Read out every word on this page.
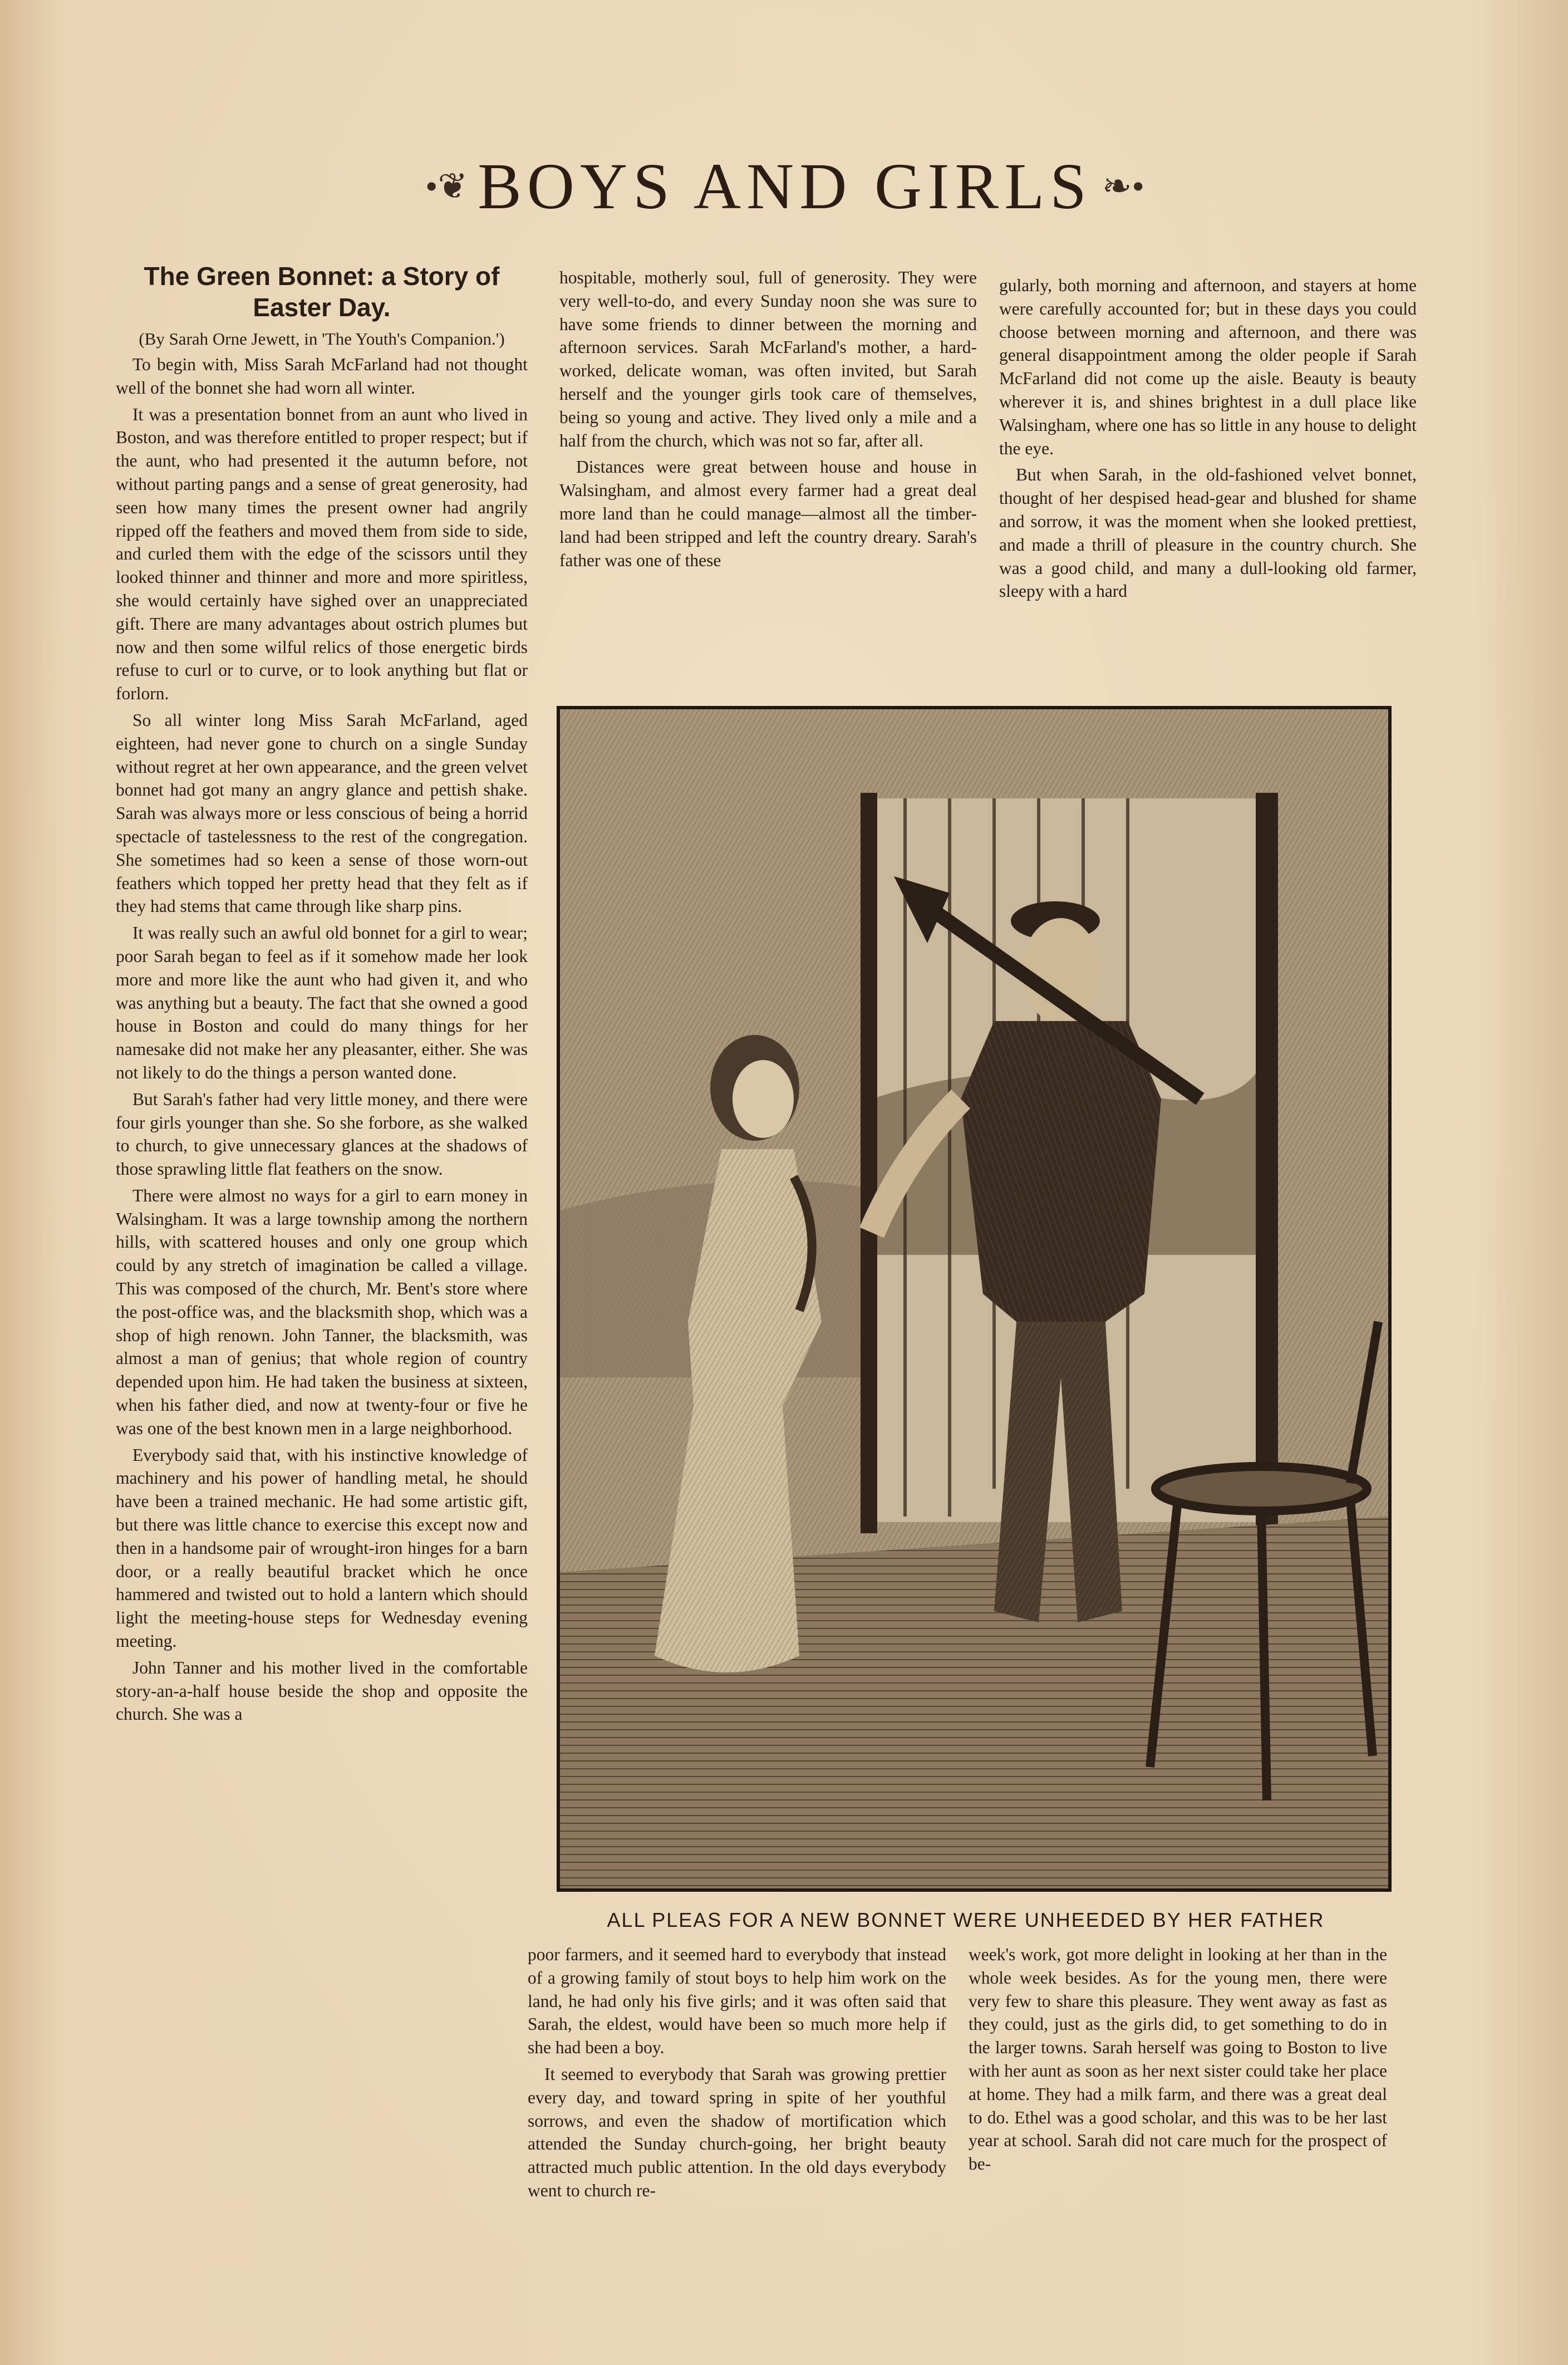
•❦ BOYS AND GIRLS ❧•
The Green Bonnet: a Story of Easter Day.

(By Sarah Orne Jewett, in 'The Youth's Companion.')

To begin with, Miss Sarah McFarland had not thought well of the bonnet she had worn all winter.

It was a presentation bonnet from an aunt who lived in Boston, and was therefore entitled to proper respect; but if the aunt, who had presented it the autumn before, not without parting pangs and a sense of great generosity, had seen how many times the present owner had angrily ripped off the feathers and moved them from side to side, and curled them with the edge of the scissors until they looked thinner and thinner and more and more spiritless, she would certainly have sighed over an unappreciated gift. There are many advantages about ostrich plumes but now and then some wilful relics of those energetic birds refuse to curl or to curve, or to look anything but flat or forlorn.

So all winter long Miss Sarah McFarland, aged eighteen, had never gone to church on a single Sunday without regret at her own appearance, and the green velvet bonnet had got many an angry glance and pettish shake. Sarah was always more or less conscious of being a horrid spectacle of tastelessness to the rest of the congregation. She sometimes had so keen a sense of those worn-out feathers which topped her pretty head that they felt as if they had stems that came through like sharp pins.

It was really such an awful old bonnet for a girl to wear; poor Sarah began to feel as if it somehow made her look more and more like the aunt who had given it, and who was anything but a beauty. The fact that she owned a good house in Boston and could do many things for her namesake did not make her any pleasanter, either. She was not likely to do the things a person wanted done.

But Sarah's father had very little money, and there were four girls younger than she. So she forbore, as she walked to church, to give unnecessary glances at the shadows of those sprawling little flat feathers on the snow.

There were almost no ways for a girl to earn money in Walsingham. It was a large township among the northern hills, with scattered houses and only one group which could by any stretch of imagination be called a village. This was composed of the church, Mr. Bent's store where the post-office was, and the blacksmith shop, which was a shop of high renown. John Tanner, the blacksmith, was almost a man of genius; that whole region of country depended upon him. He had taken the business at sixteen, when his father died, and now at twenty-four or five he was one of the best known men in a large neighborhood.

Everybody said that, with his instinctive knowledge of machinery and his power of handling metal, he should have been a trained mechanic. He had some artistic gift, but there was little chance to exercise this except now and then in a handsome pair of wrought-iron hinges for a barn door, or a really beautiful bracket which he once hammered and twisted out to hold a lantern which should light the meeting-house steps for Wednesday evening meeting.

John Tanner and his mother lived in the comfortable story-an-a-half house beside the shop and opposite the church. She was a

hospitable, motherly soul, full of generosity. They were very well-to-do, and every Sunday noon she was sure to have some friends to dinner between the morning and afternoon services. Sarah McFarland's mother, a hard-worked, delicate woman, was often invited, but Sarah herself and the younger girls took care of themselves, being so young and active. They lived only a mile and a half from the church, which was not so far, after all.

Distances were great between house and house in Walsingham, and almost every farmer had a great deal more land than he could manage—almost all the timber-land had been stripped and left the country dreary. Sarah's father was one of these

gularly, both morning and afternoon, and stayers at home were carefully accounted for; but in these days you could choose between morning and afternoon, and there was general disappointment among the older people if Sarah McFarland did not come up the aisle. Beauty is beauty wherever it is, and shines brightest in a dull place like Walsingham, where one has so little in any house to delight the eye.

But when Sarah, in the old-fashioned velvet bonnet, thought of her despised head-gear and blushed for shame and sorrow, it was the moment when she looked prettiest, and made a thrill of pleasure in the country church. She was a good child, and many a dull-looking old farmer, sleepy with a hard

ALL PLEAS FOR A NEW BONNET WERE UNHEEDED BY HER FATHER

poor farmers, and it seemed hard to everybody that instead of a growing family of stout boys to help him work on the land, he had only his five girls; and it was often said that Sarah, the eldest, would have been so much more help if she had been a boy.

It seemed to everybody that Sarah was growing prettier every day, and toward spring in spite of her youthful sorrows, and even the shadow of mortification which attended the Sunday church-going, her bright beauty attracted much public attention. In the old days everybody went to church re-

week's work, got more delight in looking at her than in the whole week besides. As for the young men, there were very few to share this pleasure. They went away as fast as they could, just as the girls did, to get something to do in the larger towns. Sarah herself was going to Boston to live with her aunt as soon as her next sister could take her place at home. They had a milk farm, and there was a great deal to do. Ethel was a good scholar, and this was to be her last year at school. Sarah did not care much for the prospect of be-
